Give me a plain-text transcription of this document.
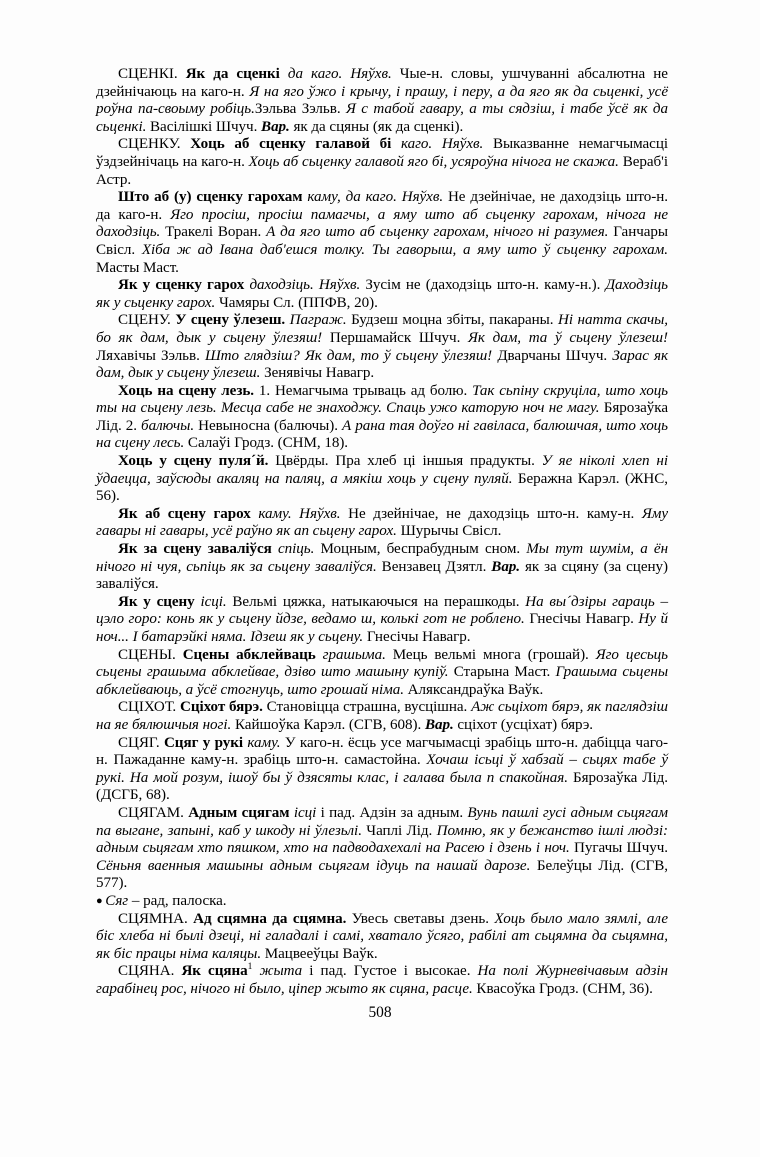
СЦЕНКІ. Як да сценкі да каго. Няўхв. Чые-н. словы, ушчуванні абсалютна не дзейнічаюць на каго-н. Я на яго ўжо і крычу, і прашу, і перу, а да яго як да сьценкі, усё роўна па-своыму робіць.Зэльва Зэльв. Я с табой гавару, а ты сядзіш, і табе ўсё як да сьценкі. Васілішкі Шчуч. Вар. як да сцяны (як да сценкі).

СЦЕНКУ. Хоць аб сценку галавой бі каго. Няўхв. Выказванне немагчымасці ўздзейнічаць на каго-н. Хоць аб сьценку галавой яго бі, усяроўна нічога не скажа. Вераб'і Астр.

Што аб (у) сценку гарохам каму, да каго. Няўхв. Не дзейнічае, не даходзіць што-н. да каго-н. Яго просіш, просіш памагчы, а яму што аб сьценку гарохам, нічога не даходзіць. Тракелі Воран. А да яго што аб сьценку гарохам, нічого ні разумея. Ганчары Свісл. Хіба ж ад Івана даб'ешся толку. Ты гаворыш, а яму што ў сьценку гарохам. Масты Маст.

Як у сценку гарох даходзіць. Няўхв. Зусім не (даходзіць што-н. каму-н.). Даходзіць як у сьценку гарох. Чамяры Сл. (ППФВ, 20).

СЦЕНУ. У сцену ўлезеш. Паграж. Будзеш моцна збіты, пакараны. Ні натта скачы, бо як дам, дык у сьцену ўлезяш! Першамайск Шчуч. Як дам, та ў сьцену ўлезеш! Ляхавічы Зэльв. Што глядзіш? Як дам, то ў сьцену ўлезяш! Дварчаны Шчуч. Зарас як дам, дык у сьцену ўлезеш. Зенявічы Навагр.

Хоць на сцену лезь. 1. Немагчыма трываць ад болю. Так сьпіну скруціла, што хоць ты на сьцену лезь. Месца сабе не знаходжу. Спаць ужо каторую ноч не магу. Бярозаўка Лід. 2. балючы. Невыносна (балючы). А рана тая доўго ні гавіласа, балюшчая, што хоць на сцену лесь. Салаўі Гродз. (СНМ, 18).

Хоць у сцену пуля´й. Цвёрды. Пра хлеб ці іншыя прадукты. У яе ніколі хлеп ні ўдаецца, заўсюды акаляц на паляц, а мякіш хоць у сцену пуляй. Беражна Карэл. (ЖНС, 56).

Як аб сцену гарох каму. Няўхв. Не дзейнічае, не даходзіць што-н. каму-н. Яму гавары ні гавары, усё раўно як ап сьцену гарох. Шурычы Свісл.

Як за сцену заваліўся спіць. Моцным, беспрабудным сном. Мы тут шумім, а ён нічого ні чуя, сьпіць як за сьцену заваліўся. Вензавец Дзятл. Вар. як за сцяну (за сцену) заваліўся.

Як у сцену ісці. Вельмі цяжка, натыкаючыся на перашкоды. На вы´дзіры гараць – цэло горо: конь як у сьцену йдзе, ведамо ш, колькі гот не роблено. Гнесічы Навагр. Ну й ноч... І батарэйкі няма. Ідзеш як у сьцену. Гнесічы Навагр.

СЦЕНЫ. Сцены абклейваць грашыма. Мець вельмі многа (грошай). Яго цесьць сьцены грашыма абклейвае, дзіво што машыну купіў. Старына Маст. Грашыма сьцены абклейваюць, а ўсё стогнуць, што грошай німа. Аляксандраўка Ваўк.

СЦІХОТ. Сціхот бярэ. Становіцца страшна, вусцішна. Аж сьціхот бярэ, як паглядзіш на яе бялюшчыя ногі. Кайшоўка Карэл. (СГВ, 608). Вар. сціхот (усціхат) бярэ.

СЦЯГ. Сцяг у рукі каму. У каго-н. ёсць усе магчымасці зрабіць што-н. дабіцца чаго-н. Пажаданне каму-н. зрабіць што-н. самастойна. Хочаш ісьці ў хабзай – сьцях табе ў рукі. На мой розум, ішоў бы ў дзясяты клас, і галава была п спакойная. Бярозаўка Лід. (ДСГБ, 68).

СЦЯГАМ. Адным сцягам ісці і пад. Адзін за адным. Вунь пашлі гусі адным сьцягам па выгане, запыні, каб у шкоду ні ўлезьлі. Чаплі Лід. Помню, як у бежанство ішлі людзі: адным сьцягам хто пяшком, хто на падводахехалі на Расею і дзень і ноч. Пугачы Шчуч. Сёньня ваенныя машыны адным сьцягам ідуць па нашай дарозе. Белеўцы Лід. (СГВ, 577).

● Сяг – рад, палоска.

СЦЯМНА. Ад сцямна да сцямна. Увесь светавы дзень. Хоць было мало зямлі, але біс хлеба ні былі дзеці, ні галадалі і самі, хватало ўсяго, рабілі ат сьцямна да сьцямна, як біс працы німа каляцы. Мацвееўцы Ваўк.

СЦЯНА. Як сцяна$^1$ жыта і пад. Густое і высокае. На полі Журневічавым адзін гарабінец рос, нічого ні было, ціпер жыто як сцяна, расце. Квасоўка Гродз. (СНМ, 36).

508
